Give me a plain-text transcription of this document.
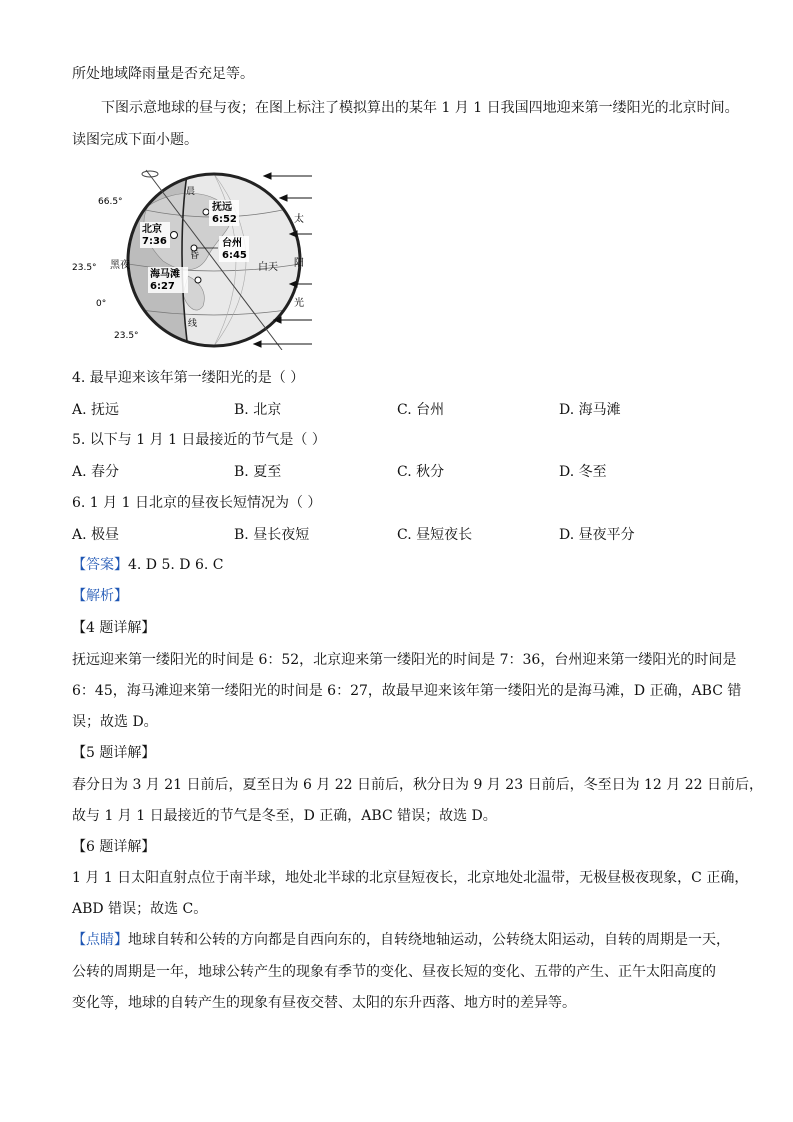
所处地域降雨量是否充足等。
下图示意地球的昼与夜；在图上标注了模拟算出的某年 1 月 1 日我国四地迎来第一缕阳光的北京时间。
读图完成下面小题。
66.5°
23.5°
0°
23.5°
黑夜	白天
晨
昏
线
抚远
6:52
北京
7:36	台州
6:45
海马滩
6:27
太
阳
光
4. 最早迎来该年第一缕阳光的是（ ）
A. 抚远	B. 北京	C. 台州	D. 海马滩
5. 以下与 1 月 1 日最接近的节气是（ ）
A. 春分	B. 夏至	C. 秋分	D. 冬至
6. 1 月 1 日北京的昼夜长短情况为（ ）
A. 极昼	B. 昼长夜短	C. 昼短夜长	D. 昼夜平分
【答案】4. D 5. D 6. C
【解析】
【4 题详解】
抚远迎来第一缕阳光的时间是 6：52，北京迎来第一缕阳光的时间是 7：36，台州迎来第一缕阳光的时间是
6：45，海马滩迎来第一缕阳光的时间是 6：27，故最早迎来该年第一缕阳光的是海马滩，D 正确，ABC 错
误；故选 D。
【5 题详解】
春分日为 3 月 21 日前后，夏至日为 6 月 22 日前后，秋分日为 9 月 23 日前后，冬至日为 12 月 22 日前后，
故与 1 月 1 日最接近的节气是冬至，D 正确，ABC 错误；故选 D。
【6 题详解】
1 月 1 日太阳直射点位于南半球，地处北半球的北京昼短夜长，北京地处北温带，无极昼极夜现象，C 正确，
ABD 错误；故选 C。
【点睛】地球自转和公转的方向都是自西向东的，自转绕地轴运动，公转绕太阳运动，自转的周期是一天，
公转的周期是一年，地球公转产生的现象有季节的变化、昼夜长短的变化、五带的产生、正午太阳高度的
变化等，地球的自转产生的现象有昼夜交替、太阳的东升西落、地方时的差异等。
